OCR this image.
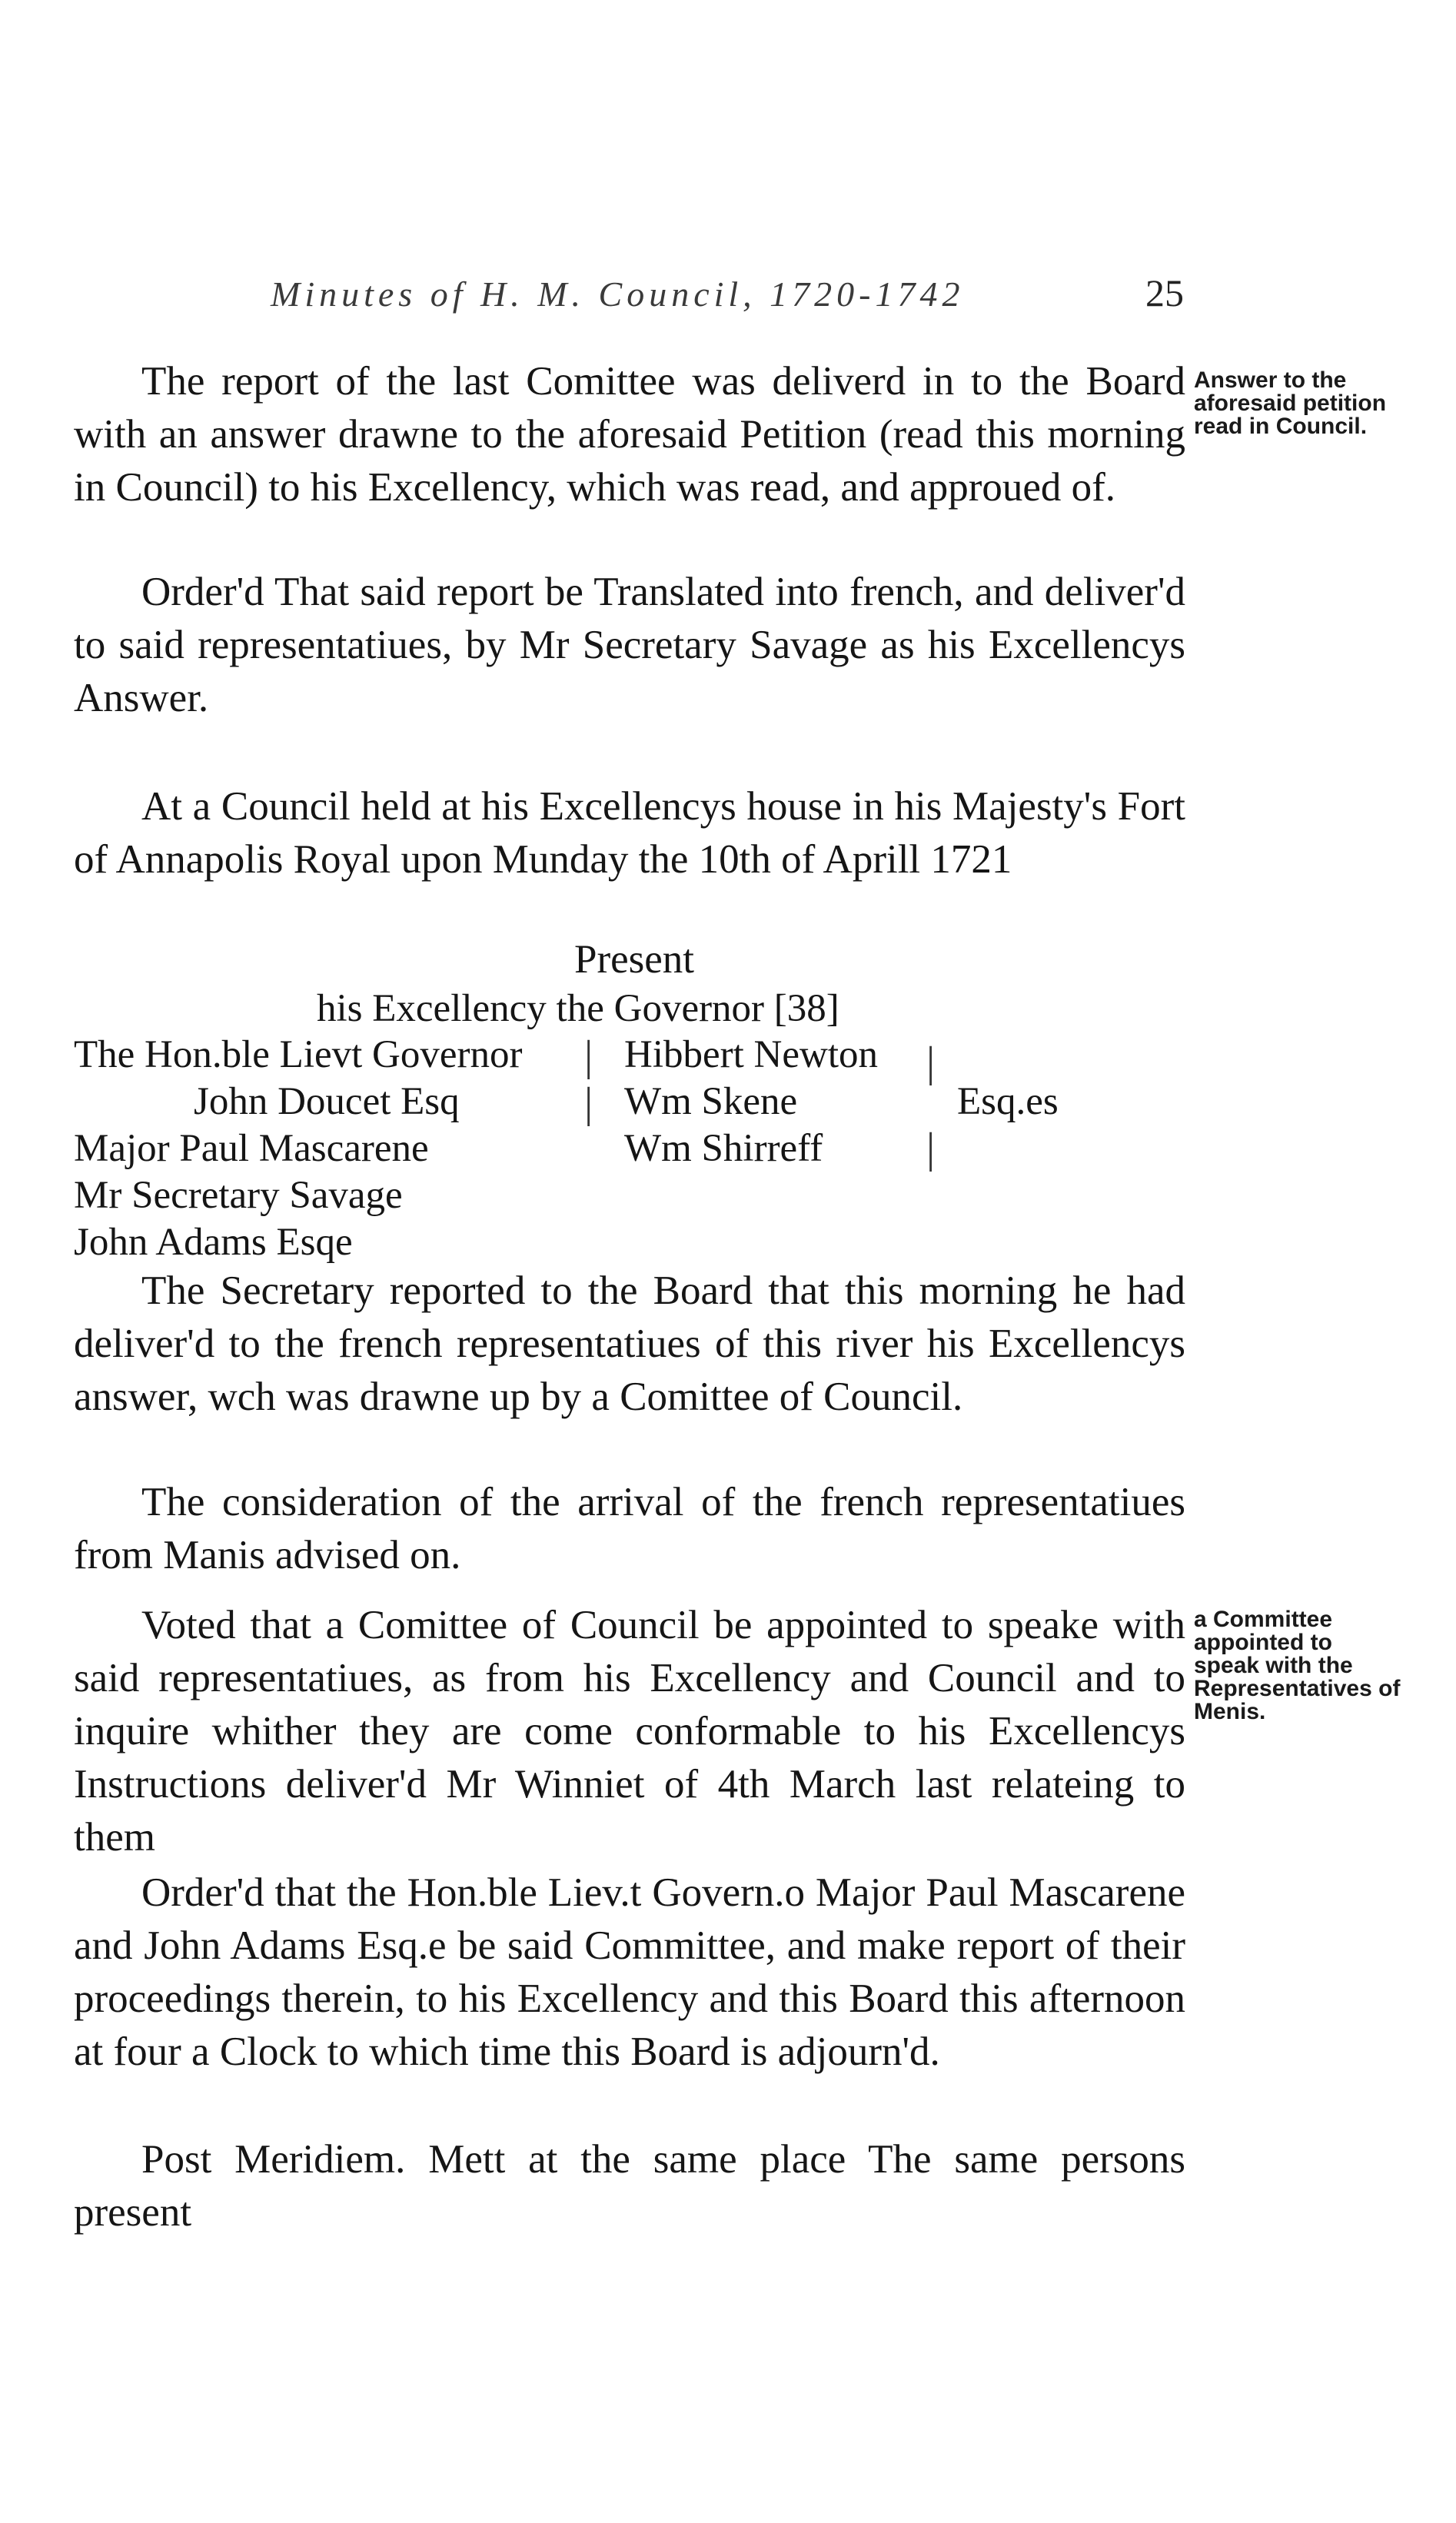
Minutes of H. M. Council, 1720-1742	25

The report of the last Comittee was deliverd in to the Board with an answer drawne to the aforesaid Petition (read this morning in Council) to his Excellency, which was read, and approued of.

Answer to the aforesaid petition read in Council.

Order'd That said report be Translated into french, and deliver'd to said representatiues, by Mr Secretary Savage as his Excellencys Answer.

At a Council held at his Excellencys house in his Majesty's Fort of Annapolis Royal upon Munday the 10th of Aprill 1721

Present
his Excellency the Governor [38]
The Hon.ble Lievt Governor
John Doucet Esq
Major Paul Mascarene
Mr Secretary Savage
John Adams Esqe
Hibbert Newton
Wm Skene
Wm Shirreff
Esq.es
|
|
|
|

The Secretary reported to the Board that this morning he had deliver'd to the french representatiues of this river his Excellencys answer, wch was drawne up by a Comittee of Council.

The consideration of the arrival of the french representatiues from Manis advised on.

Voted that a Comittee of Council be appointed to speake with said representatiues, as from his Excellency and Council and to inquire whither they are come conformable to his Excellencys Instructions deliver'd Mr Winniet of 4th March last relateing to them

a Committee appointed to speak with the Representatives of Menis.

Order'd that the Hon.ble Liev.t Govern.o Major Paul Mascarene and John Adams Esq.e be said Committee, and make report of their proceedings therein, to his Excellency and this Board this afternoon at four a Clock to which time this Board is adjourn'd.

Post Meridiem. Mett at the same place The same persons present
